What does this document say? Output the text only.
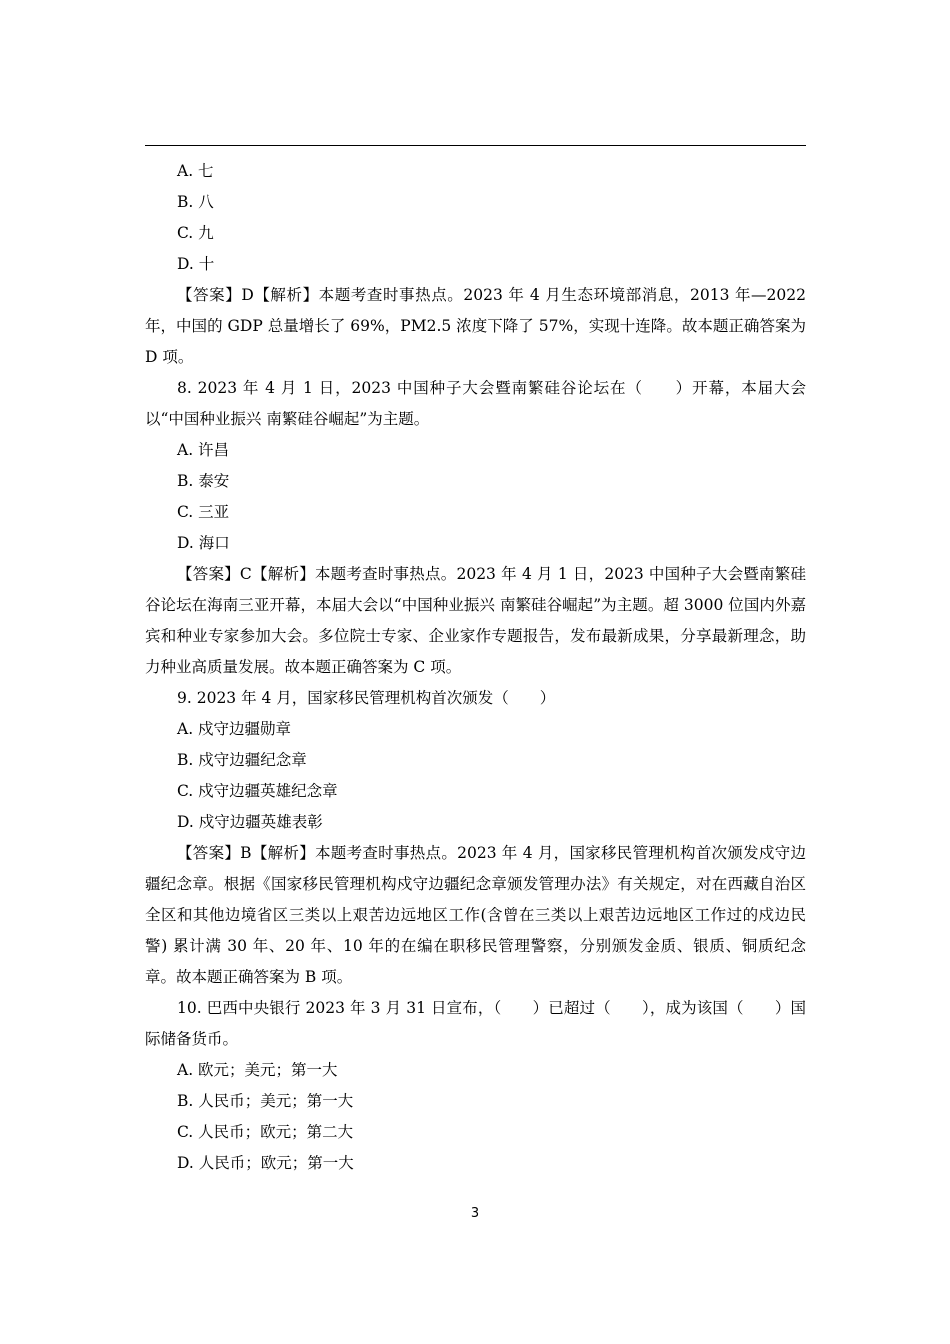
A. 七
B. 八
C. 九
D. 十
【答案】D【解析】本题考查时事热点。2023 年 4 月生态环境部消息，2013 年—2022 年，中国的 GDP 总量增长了 69%，PM2.5 浓度下降了 57%，实现十连降。故本题正确答案为 D 项。
8. 2023 年 4 月 1 日，2023 中国种子大会暨南繁硅谷论坛在（　　）开幕，本届大会以“中国种业振兴 南繁硅谷崛起”为主题。
A. 许昌
B. 泰安
C. 三亚
D. 海口
【答案】C【解析】本题考查时事热点。2023 年 4 月 1 日，2023 中国种子大会暨南繁硅谷论坛在海南三亚开幕，本届大会以“中国种业振兴 南繁硅谷崛起”为主题。超 3000 位国内外嘉宾和种业专家参加大会。多位院士专家、企业家作专题报告，发布最新成果，分享最新理念，助力种业高质量发展。故本题正确答案为 C 项。
9. 2023 年 4 月，国家移民管理机构首次颁发（　　）
A. 戍守边疆勋章
B. 戍守边疆纪念章
C. 戍守边疆英雄纪念章
D. 戍守边疆英雄表彰
【答案】B【解析】本题考查时事热点。2023 年 4 月，国家移民管理机构首次颁发戍守边疆纪念章。根据《国家移民管理机构戍守边疆纪念章颁发管理办法》有关规定，对在西藏自治区全区和其他边境省区三类以上艰苦边远地区工作(含曾在三类以上艰苦边远地区工作过的戍边民警) 累计满 30 年、20 年、10 年的在编在职移民管理警察，分别颁发金质、银质、铜质纪念章。故本题正确答案为 B 项。
10. 巴西中央银行 2023 年 3 月 31 日宣布，（　　）已超过（　　），成为该国（　　）国际储备货币。
A. 欧元；美元；第一大
B. 人民币；美元；第一大
C. 人民币；欧元；第二大
D. 人民币；欧元；第一大
3
